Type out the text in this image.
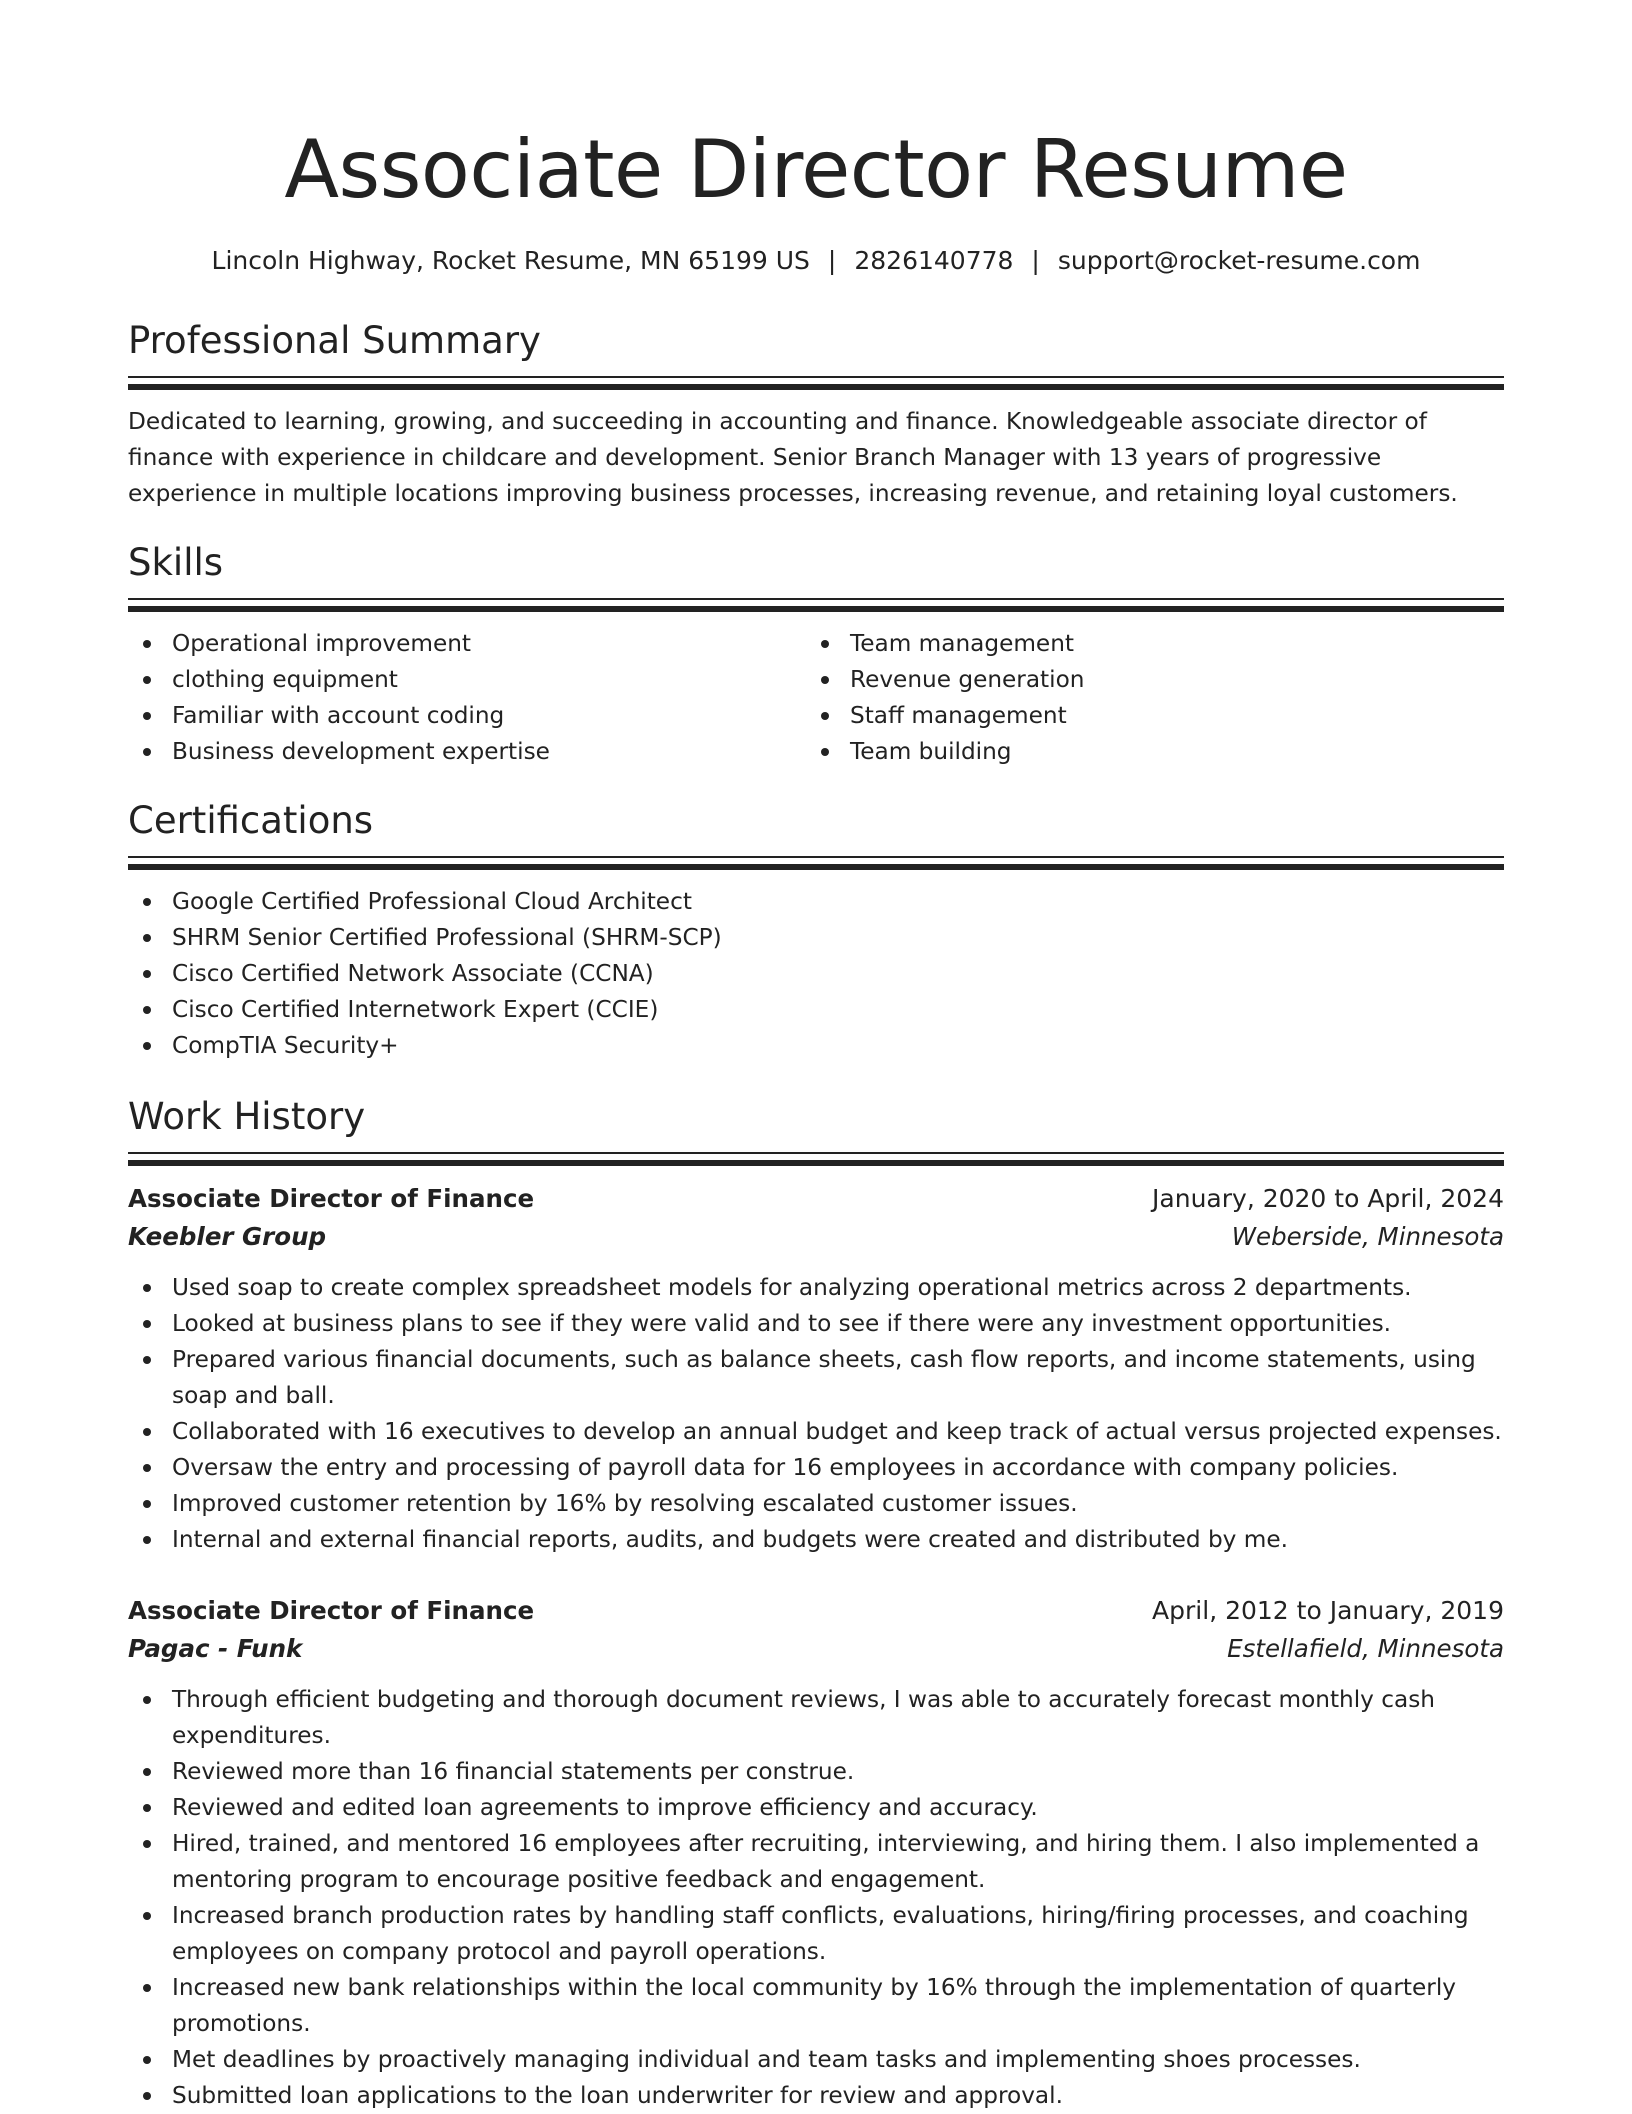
Associate Director Resume
Lincoln Highway, Rocket Resume, MN 65199 US | 2826140778 | support@rocket-resume.com
Professional Summary

Dedicated to learning, growing, and succeeding in accounting and finance. Knowledgeable associate director of finance with experience in childcare and development. Senior Branch Manager with 13 years of progressive experience in multiple locations improving business processes, increasing revenue, and retaining loyal customers.

Skills
Operational improvement
clothing equipment
Familiar with account coding
Business development expertise
Team management
Revenue generation
Staff management
Team building
Certifications
Google Certified Professional Cloud Architect
SHRM Senior Certified Professional (SHRM-SCP)
Cisco Certified Network Associate (CCNA)
Cisco Certified Internetwork Expert (CCIE)
CompTIA Security+
Work History
Associate Director of Finance	January, 2020 to April, 2024
Keebler Group	Weberside, Minnesota
Used soap to create complex spreadsheet models for analyzing operational metrics across 2 departments.
Looked at business plans to see if they were valid and to see if there were any investment opportunities.
Prepared various financial documents, such as balance sheets, cash flow reports, and income statements, using soap and ball.
Collaborated with 16 executives to develop an annual budget and keep track of actual versus projected expenses.
Oversaw the entry and processing of payroll data for 16 employees in accordance with company policies.
Improved customer retention by 16% by resolving escalated customer issues.
Internal and external financial reports, audits, and budgets were created and distributed by me.
Associate Director of Finance	April, 2012 to January, 2019
Pagac - Funk	Estellafield, Minnesota
Through efficient budgeting and thorough document reviews, I was able to accurately forecast monthly cash expenditures.
Reviewed more than 16 financial statements per construe.
Reviewed and edited loan agreements to improve efficiency and accuracy.
Hired, trained, and mentored 16 employees after recruiting, interviewing, and hiring them. I also implemented a mentoring program to encourage positive feedback and engagement.
Increased branch production rates by handling staff conflicts, evaluations, hiring/firing processes, and coaching employees on company protocol and payroll operations.
Increased new bank relationships within the local community by 16% through the implementation of quarterly promotions.
Met deadlines by proactively managing individual and team tasks and implementing shoes processes.
Submitted loan applications to the loan underwriter for review and approval.
